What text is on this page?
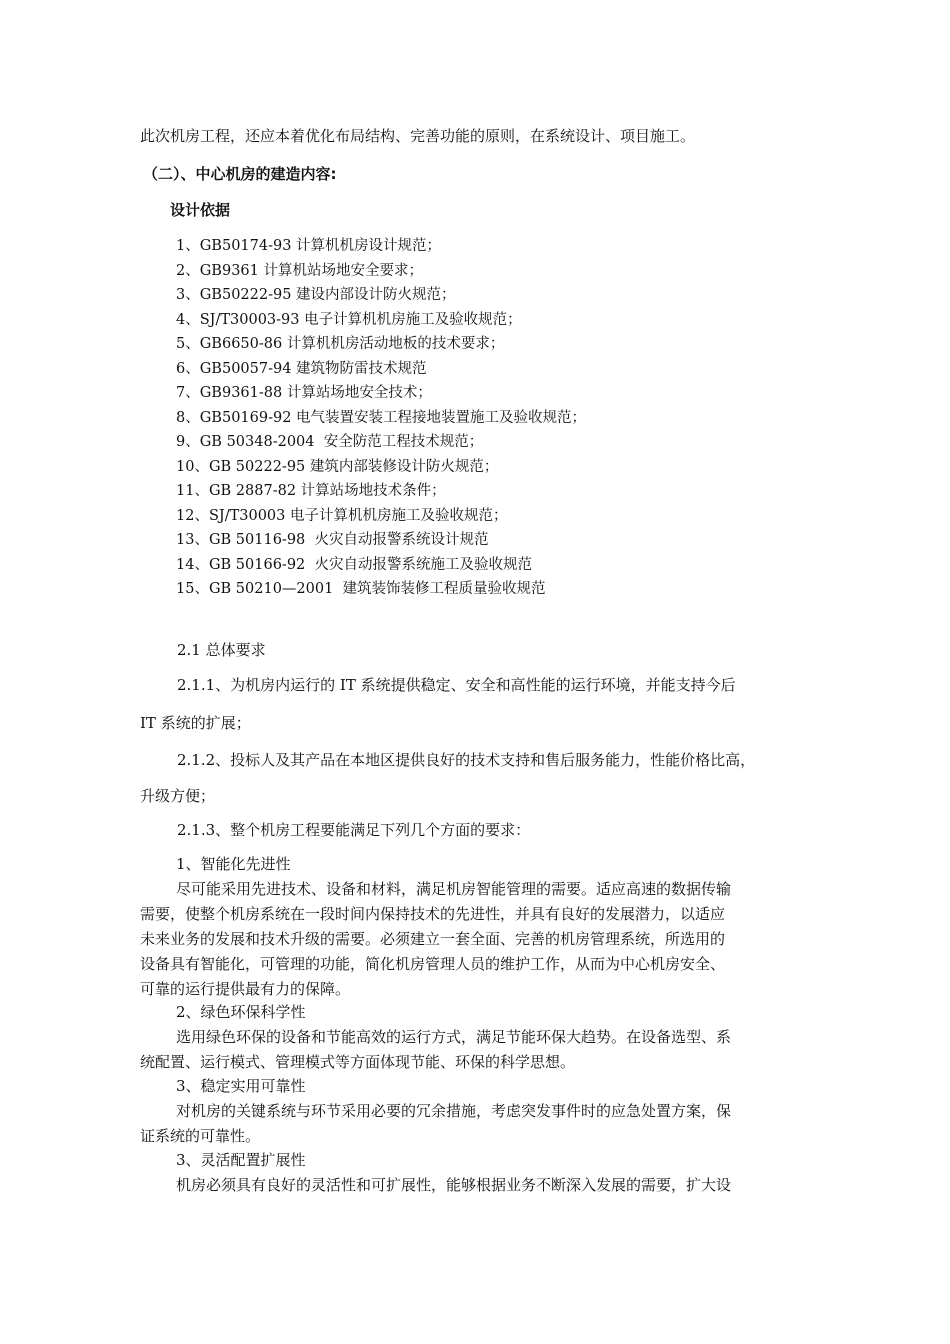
此次机房工程，还应本着优化布局结构、完善功能的原则，在系统设计、项目施工。
（二）、中心机房的建造内容:
设计依据
1、GB50174-93 计算机机房设计规范；
2、GB9361 计算机站场地安全要求；
3、GB50222-95 建设内部设计防火规范；
4、SJ/T30003-93 电子计算机机房施工及验收规范；
5、GB6650-86 计算机机房活动地板的技术要求；
6、GB50057-94 建筑物防雷技术规范
7、GB9361-88 计算站场地安全技术；
8、GB50169-92 电气装置安装工程接地装置施工及验收规范；
9、GB 50348-2004  安全防范工程技术规范；
10、GB 50222-95 建筑内部装修设计防火规范；
11、GB 2887-82 计算站场地技术条件；
12、SJ/T30003 电子计算机机房施工及验收规范；
13、GB 50116-98  火灾自动报警系统设计规范
14、GB 50166-92  火灾自动报警系统施工及验收规范
15、GB 50210—2001  建筑装饰装修工程质量验收规范
2.1 总体要求
2.1.1、为机房内运行的 IT 系统提供稳定、安全和高性能的运行环境，并能支持今后
IT 系统的扩展；
2.1.2、投标人及其产品在本地区提供良好的技术支持和售后服务能力，性能价格比高，
升级方便；
2.1.3、整个机房工程要能满足下列几个方面的要求：
1、智能化先进性
尽可能采用先进技术、设备和材料，满足机房智能管理的需要。适应高速的数据传输
需要，使整个机房系统在一段时间内保持技术的先进性，并具有良好的发展潜力，以适应
未来业务的发展和技术升级的需要。必须建立一套全面、完善的机房管理系统，所选用的
设备具有智能化，可管理的功能，简化机房管理人员的维护工作，从而为中心机房安全、
可靠的运行提供最有力的保障。
2、绿色环保科学性
选用绿色环保的设备和节能高效的运行方式，满足节能环保大趋势。在设备选型、系
统配置、运行模式、管理模式等方面体现节能、环保的科学思想。
3、稳定实用可靠性
对机房的关键系统与环节采用必要的冗余措施，考虑突发事件时的应急处置方案，保
证系统的可靠性。
3、灵活配置扩展性
机房必须具有良好的灵活性和可扩展性，能够根据业务不断深入发展的需要，扩大设
